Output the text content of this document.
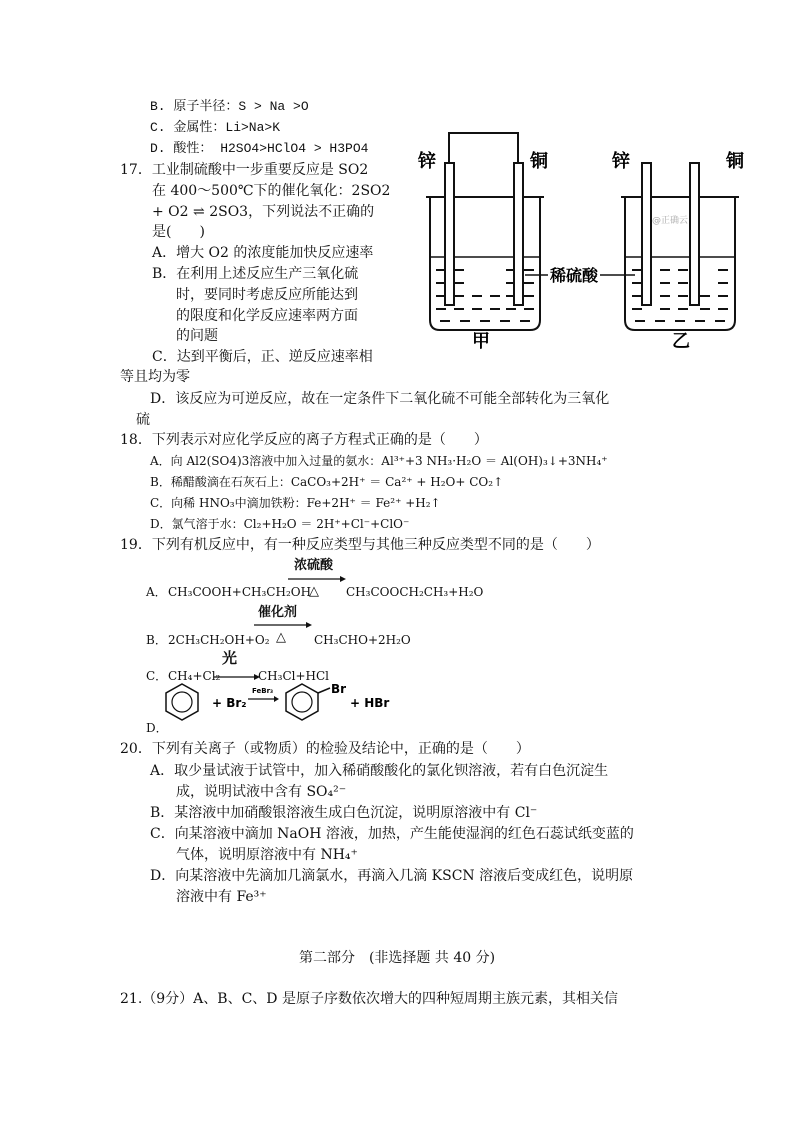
B. 原子半径：S > Na >O
C. 金属性：Li>Na>K
D. 酸性： H2SO4>HClO4 > H3PO4
17．工业制硫酸中一步重要反应是 SO2
在 400～500℃下的催化氧化：2SO2
+ O2 ⇌ 2SO3，下列说法不正确的
是(　　)
A．增大 O2 的浓度能加快反应速率
B．在利用上述反应生产三氧化硫
时，要同时考虑反应所能达到
的限度和化学反应速率两方面
的问题
C．达到平衡后，正、逆反应速率相
等且均为零
D．该反应为可逆反应，故在一定条件下二氧化硫不可能全部转化为三氧化
硫
锌	铜	锌	铜
稀硫酸
甲	乙
@正确云
18．下列表示对应化学反应的离子方程式正确的是（　　）
A．向 Al2(SO4)3溶液中加入过量的氨水：Al³⁺+3 NH₃·H₂O ＝ Al(OH)₃↓+3NH₄⁺
B．稀醋酸滴在石灰石上：CaCO₃+2H⁺ ＝ Ca²⁺ + H₂O+ CO₂↑
C．向稀 HNO₃中滴加铁粉：Fe+2H⁺ ＝ Fe²⁺ +H₂↑
D．氯气溶于水：Cl₂+H₂O ＝ 2H⁺+Cl⁻+ClO⁻
19．下列有机反应中，有一种反应类型与其他三种反应类型不同的是（　　）
A． CH₃COOH+CH₃CH₂OH
浓硫酸
△ CH₃COOCH₂CH₃+H₂O
B． 2CH₃CH₂OH+O₂
催化剂
△ CH₃CHO+2H₂O
C． CH₄+Cl₂
光
CH₃Cl+HCl
D．
+ Br₂
FeBr₃	Br
+ HBr
20．下列有关离子（或物质）的检验及结论中，正确的是（　　）
A．取少量试液于试管中，加入稀硝酸酸化的氯化钡溶液，若有白色沉淀生
成，说明试液中含有 SO₄²⁻
B．某溶液中加硝酸银溶液生成白色沉淀，说明原溶液中有 Cl⁻
C．向某溶液中滴加 NaOH 溶液，加热，产生能使湿润的红色石蕊试纸变蓝的
气体，说明原溶液中有 NH₄⁺
D．向某溶液中先滴加几滴氯水，再滴入几滴 KSCN 溶液后变成红色，说明原
溶液中有 Fe³⁺
第二部分　(非选择题 共 40 分)
21.（9分）A、B、C、D 是原子序数依次增大的四种短周期主族元素，其相关信
